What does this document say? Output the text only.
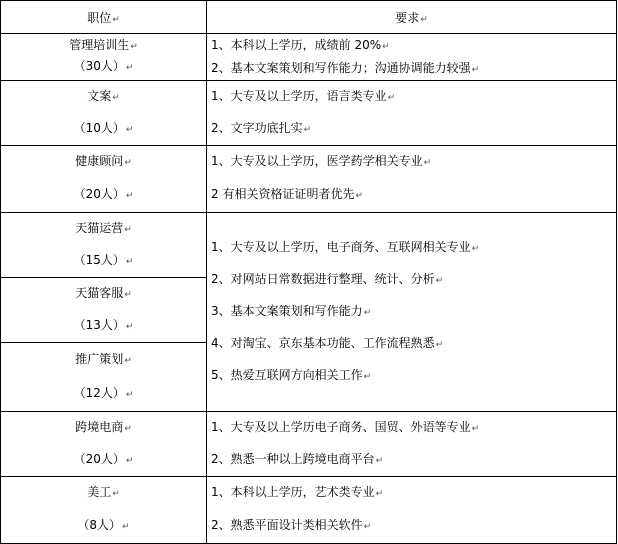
职位↵	要求↵

管理培训生↵
（30人）↵	1、本科以上学历，成绩前 20%↵
2、基本文案策划和写作能力；沟通协调能力较强↵

文案↵
（10人）↵	1、大专及以上学历，语言类专业↵
2、文字功底扎实↵

健康顾问↵
（20人）↵	1、大专及以上学历，医学药学相关专业↵
2 有相关资格证证明者优先↵

天猫运营↵
（15人）↵	1、大专及以上学历，电子商务、互联网相关专业↵
2、对网站日常数据进行整理、统计、分析↵
3、基本文案策划和写作能力↵
4、对淘宝、京东基本功能、工作流程熟悉↵
5、热爱互联网方向相关工作↵

天猫客服↵
（13人）↵	

推广策划↵
（12人）↵	

跨境电商↵
（20人）↵	1、大专及以上学历电子商务、国贸、外语等专业↵
2、熟悉一种以上跨境电商平台↵

美工↵
（8人）↵	1、本科以上学历，艺术类专业↵
2、熟悉平面设计类相关软件↵
